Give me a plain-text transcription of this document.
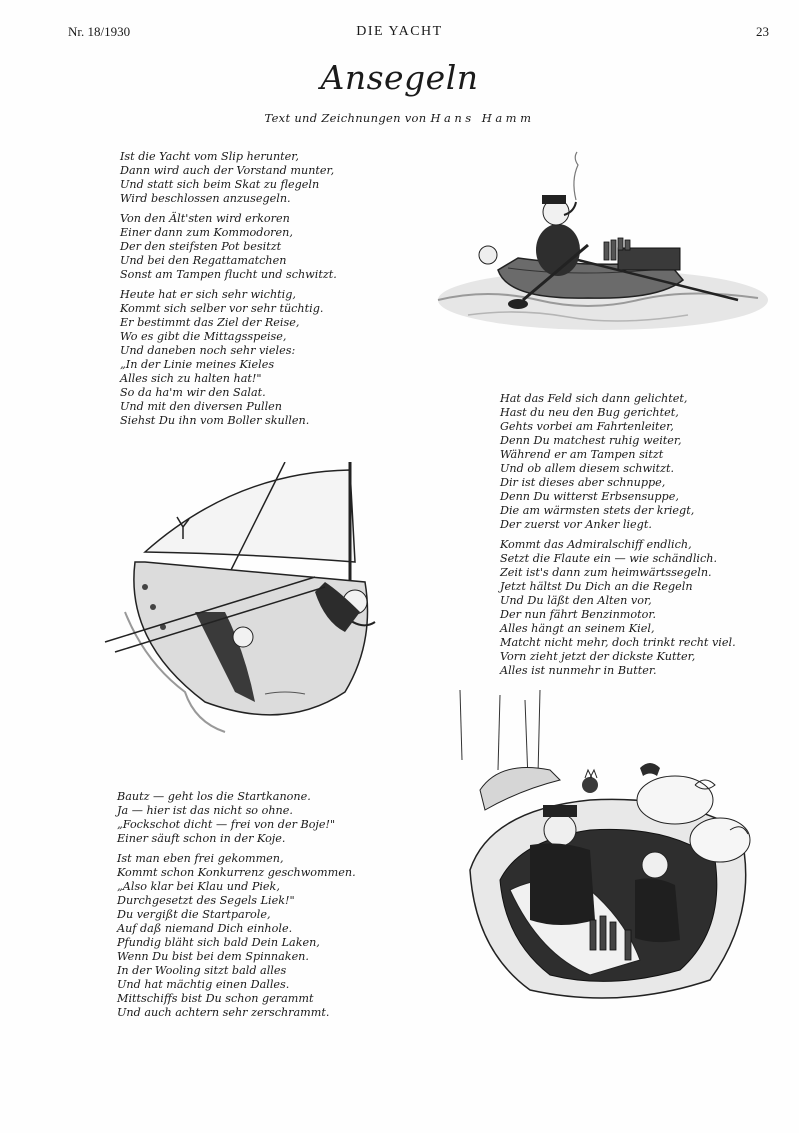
Nr. 18/1930	DIE YACHT	23
Ansegeln
Text und Zeichnungen von Hans Hamm
Ist die Yacht vom Slip herunter,
Dann wird auch der Vorstand munter,
Und statt sich beim Skat zu flegeln
Wird beschlossen anzusegeln.
Von den Ält'sten wird erkoren
Einer dann zum Kommodoren,
Der den steifsten Pot besitzt
Und bei den Regattamatchen
Sonst am Tampen flucht und schwitzt.
Heute hat er sich sehr wichtig,
Kommt sich selber vor sehr tüchtig.
Er bestimmt das Ziel der Reise,
Wo es gibt die Mittagsspeise,
Und daneben noch sehr vieles:
„In der Linie meines Kieles
Alles sich zu halten hat!"
So da ha'm wir den Salat.
Und mit den diversen Pullen
Siehst Du ihn vom Boller skullen.
Hat das Feld sich dann gelichtet,
Hast du neu den Bug gerichtet,
Gehts vorbei am Fahrtenleiter,
Denn Du matchest ruhig weiter,
Während er am Tampen sitzt
Und ob allem diesem schwitzt.
Dir ist dieses aber schnuppe,
Denn Du witterst Erbsensuppe,
Die am wärmsten stets der kriegt,
Der zuerst vor Anker liegt.
Kommt das Admiralschiff endlich,
Setzt die Flaute ein — wie schändlich.
Zeit ist's dann zum heimwärtssegeln.
Jetzt hältst Du Dich an die Regeln
Und Du läßt den Alten vor,
Der nun fährt Benzinmotor.
Alles hängt an seinem Kiel,
Matcht nicht mehr, doch trinkt recht viel.
Vorn zieht jetzt der dickste Kutter,
Alles ist nunmehr in Butter.
Bautz — geht los die Startkanone.
Ja — hier ist das nicht so ohne.
„Fockschot dicht — frei von der Boje!"
Einer säuft schon in der Koje.
Ist man eben frei gekommen,
Kommt schon Konkurrenz geschwommen.
„Also klar bei Klau und Piek,
Durchgesetzt des Segels Liek!"
Du vergißt die Startparole,
Auf daß niemand Dich einhole.
Pfundig bläht sich bald Dein Laken,
Wenn Du bist bei dem Spinnaken.
In der Wooling sitzt bald alles
Und hat mächtig einen Dalles.
Mittschiffs bist Du schon gerammt
Und auch achtern sehr zerschrammt.
